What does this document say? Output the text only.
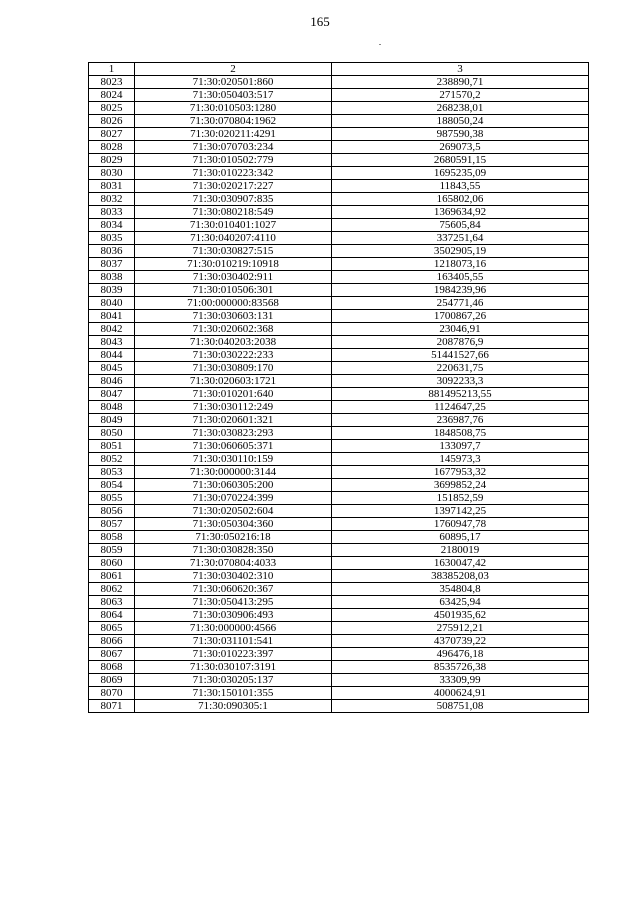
165
1	2	3
8023	71:30:020501:860	238890,71
8024	71:30:050403:517	271570,2
8025	71:30:010503:1280	268238,01
8026	71:30:070804:1962	188050,24
8027	71:30:020211:4291	987590,38
8028	71:30:070703:234	269073,5
8029	71:30:010502:779	2680591,15
8030	71:30:010223:342	1695235,09
8031	71:30:020217:227	11843,55
8032	71:30:030907:835	165802,06
8033	71:30:080218:549	1369634,92
8034	71:30:010401:1027	75605,84
8035	71:30:040207:4110	337251,64
8036	71:30:030827:515	3502905,19
8037	71:30:010219:10918	1218073,16
8038	71:30:030402:911	163405,55
8039	71:30:010506:301	1984239,96
8040	71:00:000000:83568	254771,46
8041	71:30:030603:131	1700867,26
8042	71:30:020602:368	23046,91
8043	71:30:040203:2038	2087876,9
8044	71:30:030222:233	51441527,66
8045	71:30:030809:170	220631,75
8046	71:30:020603:1721	3092233,3
8047	71:30:010201:640	881495213,55
8048	71:30:030112:249	1124647,25
8049	71:30:020601:321	236987,76
8050	71:30:030823:293	1848508,75
8051	71:30:060605:371	133097,7
8052	71:30:030110:159	145973,3
8053	71:30:000000:3144	1677953,32
8054	71:30:060305:200	3699852,24
8055	71:30:070224:399	151852,59
8056	71:30:020502:604	1397142,25
8057	71:30:050304:360	1760947,78
8058	71:30:050216:18	60895,17
8059	71:30:030828:350	2180019
8060	71:30:070804:4033	1630047,42
8061	71:30:030402:310	38385208,03
8062	71:30:060620:367	354804,8
8063	71:30:050413:295	63425,94
8064	71:30:030906:493	4501935,62
8065	71:30:000000:4566	275912,21
8066	71:30:031101:541	4370739,22
8067	71:30:010223:397	496476,18
8068	71:30:030107:3191	8535726,38
8069	71:30:030205:137	33309,99
8070	71:30:150101:355	4000624,91
8071	71:30:090305:1	508751,08
